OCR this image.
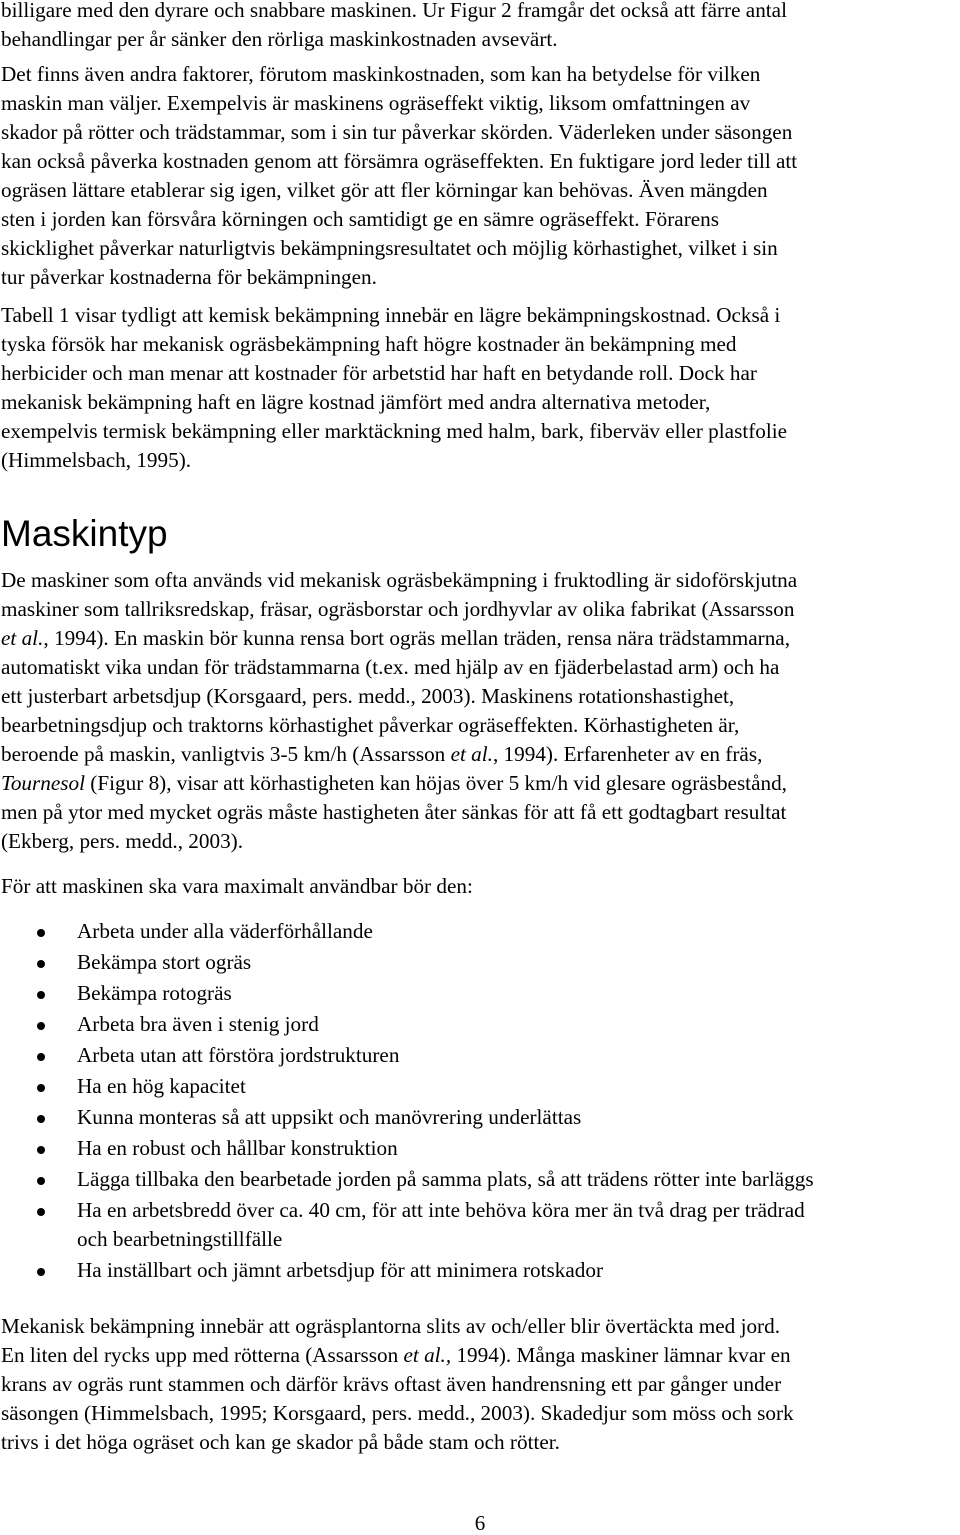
billigare med den dyrare och snabbare maskinen. Ur Figur 2 framgår det också att färre antal

behandlingar per år sänker den rörliga maskinkostnaden avsevärt.

Det finns även andra faktorer, förutom maskinkostnaden, som kan ha betydelse för vilken

maskin man väljer. Exempelvis är maskinens ogräseffekt viktig, liksom omfattningen av

skador på rötter och trädstammar, som i sin tur påverkar skörden. Väderleken under säsongen

kan också påverka kostnaden genom att försämra ogräseffekten. En fuktigare jord leder till att

ogräsen lättare etablerar sig igen, vilket gör att fler körningar kan behövas. Även mängden

sten i jorden kan försvåra körningen och samtidigt ge en sämre ogräseffekt. Förarens

skicklighet påverkar naturligtvis bekämpningsresultatet och möjlig körhastighet, vilket i sin

tur påverkar kostnaderna för bekämpningen.

Tabell 1 visar tydligt att kemisk bekämpning innebär en lägre bekämpningskostnad. Också i

tyska försök har mekanisk ogräsbekämpning haft högre kostnader än bekämpning med

herbicider och man menar att kostnader för arbetstid har haft en betydande roll. Dock har

mekanisk bekämpning haft en lägre kostnad jämfört med andra alternativa metoder,

exempelvis termisk bekämpning eller marktäckning med halm, bark, fiberväv eller plastfolie

(Himmelsbach, 1995).

Maskintyp

De maskiner som ofta används vid mekanisk ogräsbekämpning i fruktodling är sidoförskjutna

maskiner som tallriksredskap, fräsar, ogräsborstar och jordhyvlar av olika fabrikat (Assarsson

et al., 1994). En maskin bör kunna rensa bort ogräs mellan träden, rensa nära trädstammarna,

automatiskt vika undan för trädstammarna (t.ex. med hjälp av en fjäderbelastad arm) och ha

ett justerbart arbetsdjup (Korsgaard, pers. medd., 2003). Maskinens rotationshastighet,

bearbetningsdjup och traktorns körhastighet påverkar ogräseffekten. Körhastigheten är,

beroende på maskin, vanligtvis 3-5 km/h (Assarsson et al., 1994). Erfarenheter av en fräs,

Tournesol (Figur 8), visar att körhastigheten kan höjas över 5 km/h vid glesare ogräsbestånd,

men på ytor med mycket ogräs måste hastigheten åter sänkas för att få ett godtagbart resultat

(Ekberg, pers. medd., 2003).

För att maskinen ska vara maximalt användbar bör den:

Arbeta under alla väderförhållande
Bekämpa stort ogräs
Bekämpa rotogräs
Arbeta bra även i stenig jord
Arbeta utan att förstöra jordstrukturen
Ha en hög kapacitet
Kunna monteras så att uppsikt och manövrering underlättas
Ha en robust och hållbar konstruktion
Lägga tillbaka den bearbetade jorden på samma plats, så att trädens rötter inte barläggs
Ha en arbetsbredd över ca. 40 cm, för att inte behöva köra mer än två drag per trädrad
och bearbetningstillfälle
Ha inställbart och jämnt arbetsdjup för att minimera rotskador

Mekanisk bekämpning innebär att ogräsplantorna slits av och/eller blir övertäckta med jord.

En liten del rycks upp med rötterna (Assarsson et al., 1994). Många maskiner lämnar kvar en

krans av ogräs runt stammen och därför krävs oftast även handrensning ett par gånger under

säsongen (Himmelsbach, 1995; Korsgaard, pers. medd., 2003). Skadedjur som möss och sork

trivs i det höga ogräset och kan ge skador på både stam och rötter.

6
